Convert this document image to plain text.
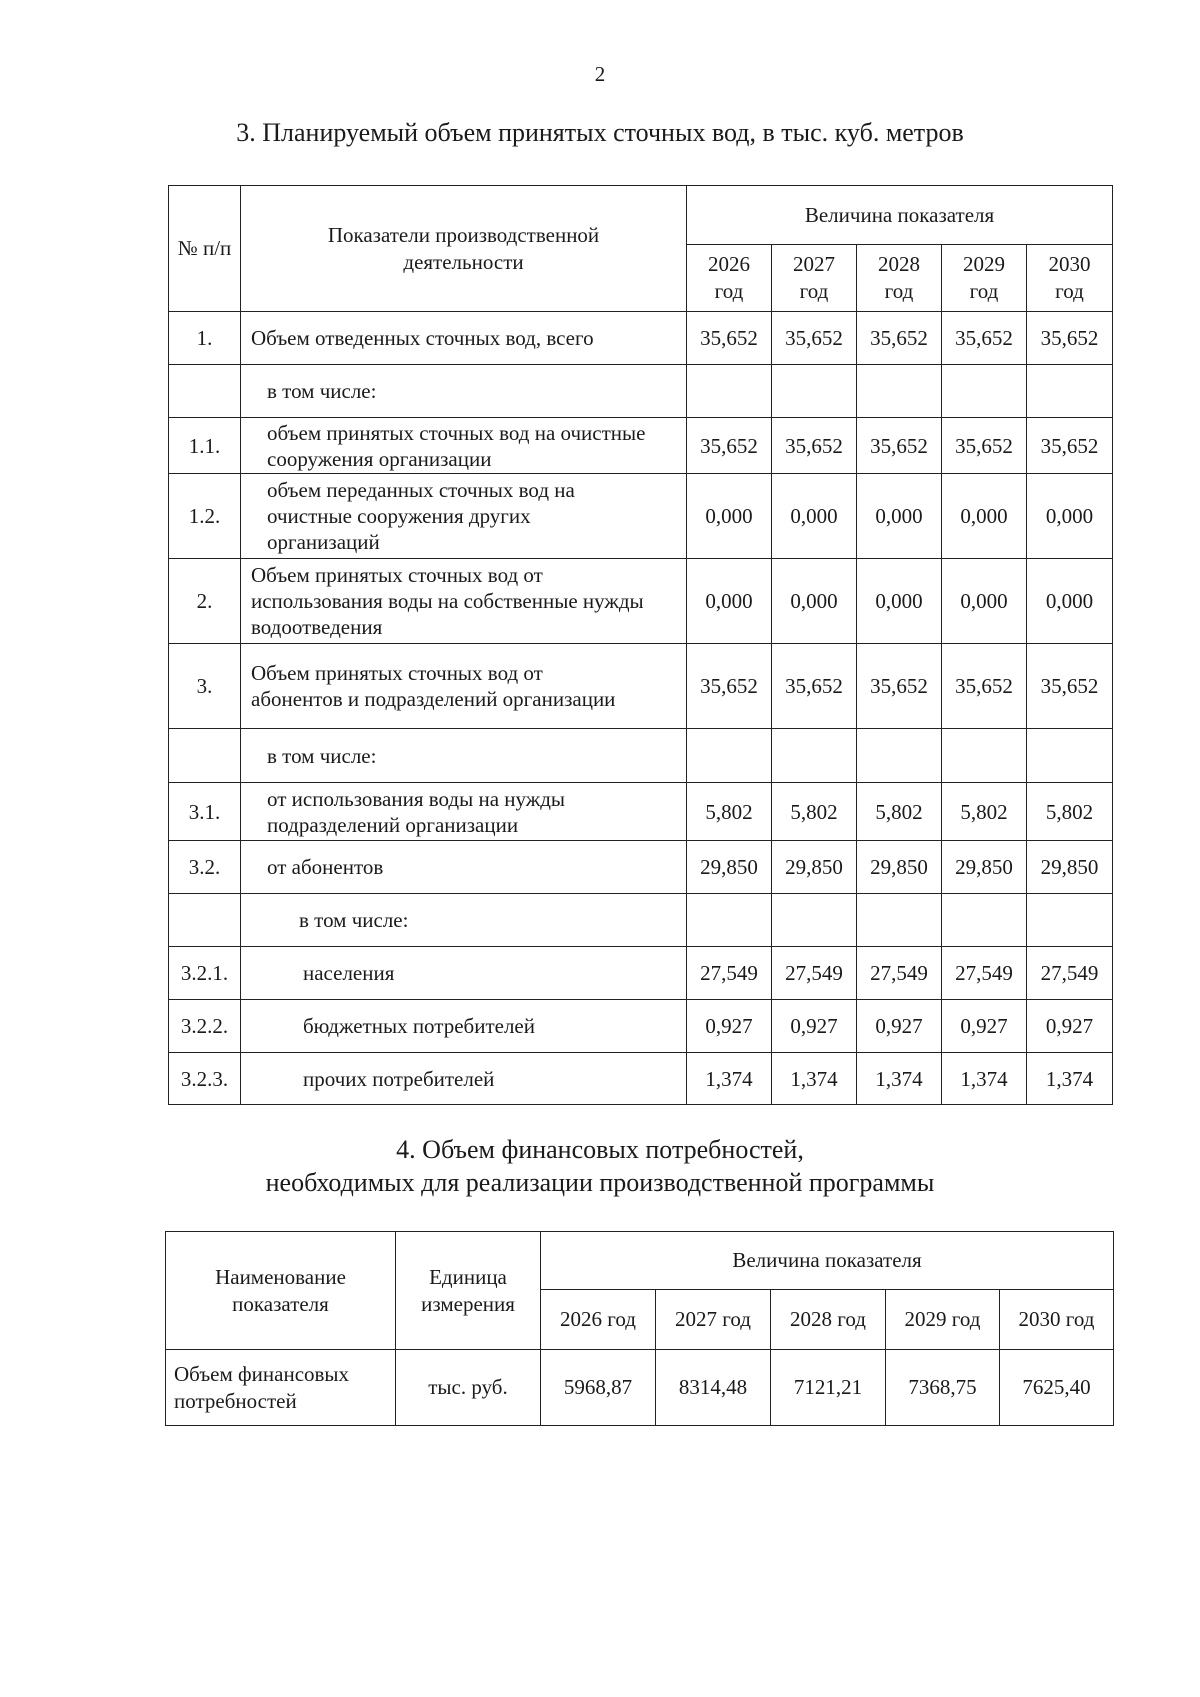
2
3. Планируемый объем принятых сточных вод, в тыс. куб. метров
№ п/п	Показатели производственной деятельности	Величина показателя				
		2026 год	2027 год	2028 год	2029 год	2030 год
1.	Объем отведенных сточных вод, всего	35,652	35,652	35,652	35,652	35,652
	в том числе:					
1.1.	объем принятых сточных вод на очистные сооружения организации	35,652	35,652	35,652	35,652	35,652
1.2.	объем переданных сточных вод на очистные сооружения других организаций	0,000	0,000	0,000	0,000	0,000
2.	Объем принятых сточных вод от использования воды на собственные нужды водоотведения	0,000	0,000	0,000	0,000	0,000
3.	Объем принятых сточных вод от абонентов и подразделений организации	35,652	35,652	35,652	35,652	35,652
	в том числе:					
3.1.	от использования воды на нужды подразделений организации	5,802	5,802	5,802	5,802	5,802
3.2.	от абонентов	29,850	29,850	29,850	29,850	29,850
	в том числе:					
3.2.1.	населения	27,549	27,549	27,549	27,549	27,549
3.2.2.	бюджетных потребителей	0,927	0,927	0,927	0,927	0,927
3.2.3.	прочих потребителей	1,374	1,374	1,374	1,374	1,374
4. Объем финансовых потребностей,
необходимых для реализации производственной программы
Наименование показателя	Единица измерения	Величина показателя				
		2026 год	2027 год	2028 год	2029 год	2030 год
Объем финансовых потребностей	тыс. руб.	5968,87	8314,48	7121,21	7368,75	7625,40
